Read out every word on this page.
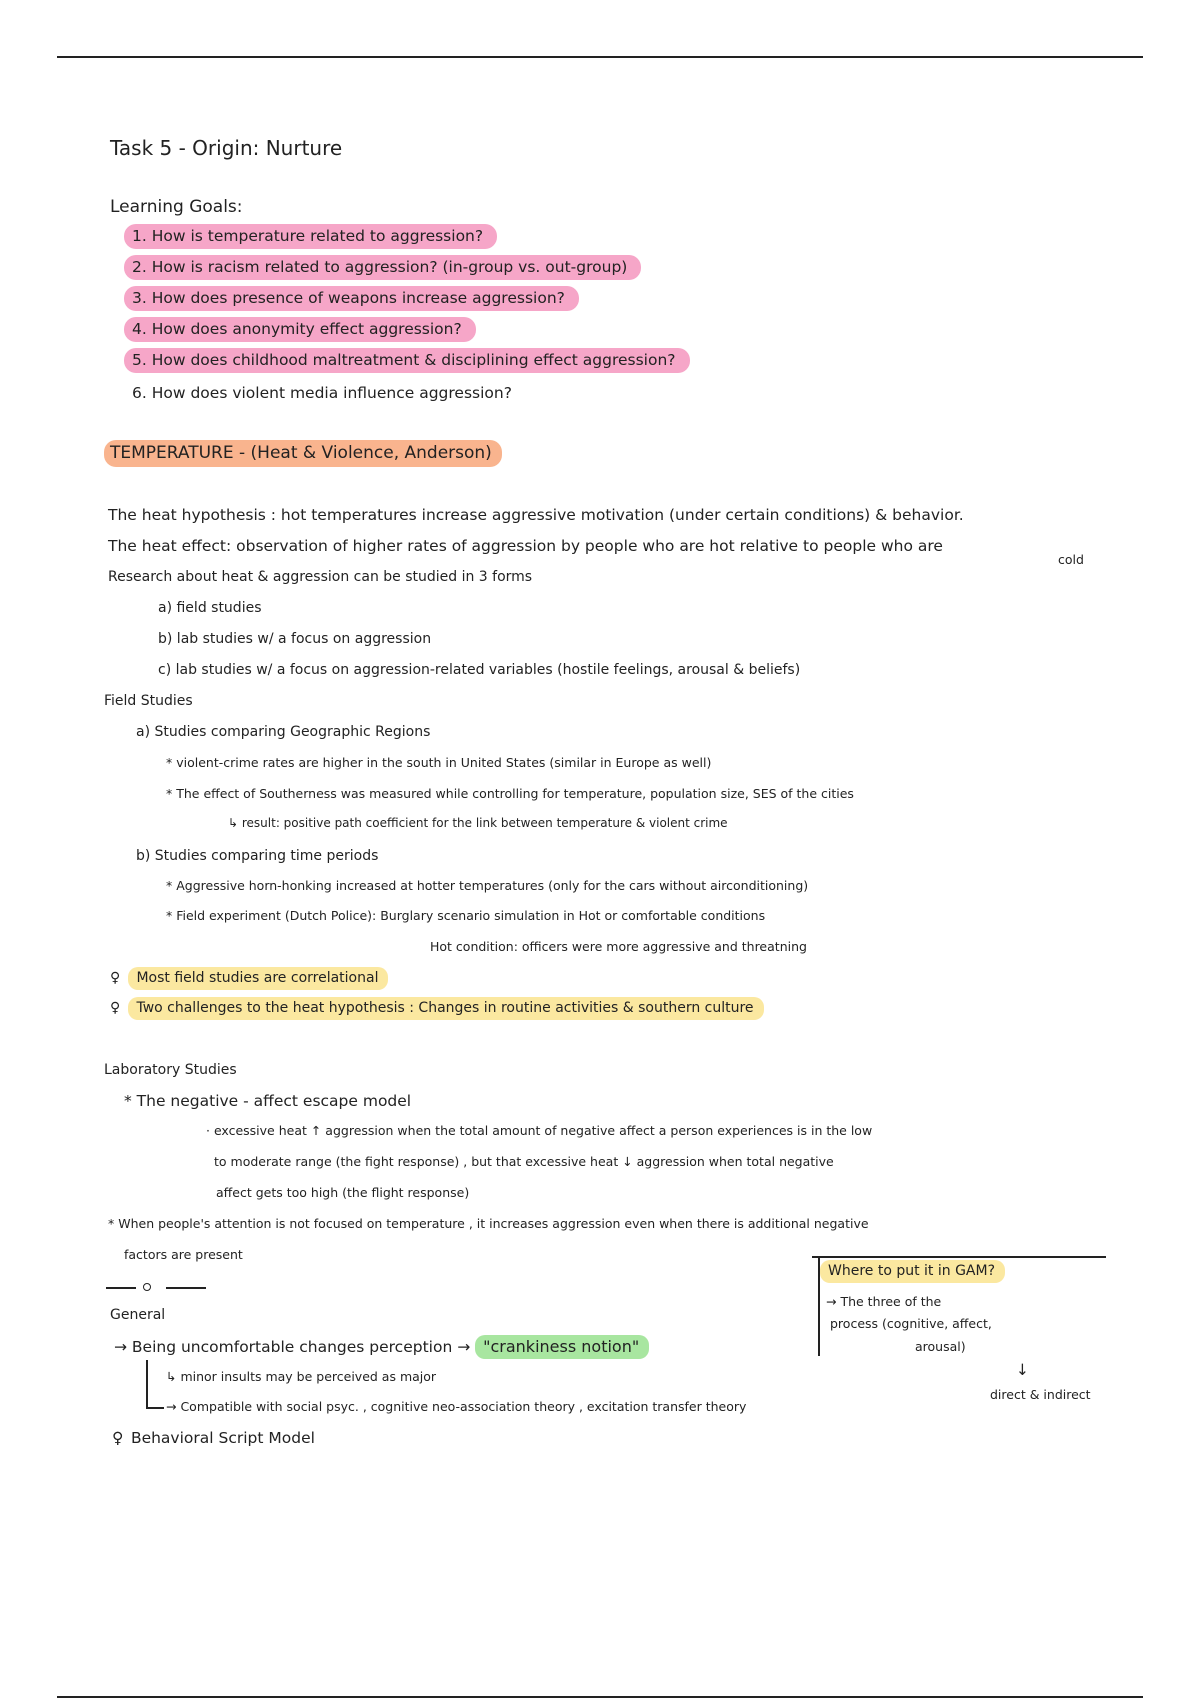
Task 5 - Origin: Nurture
Learning Goals:
1. How is temperature related to aggression?
2. How is racism related to aggression? (in-group vs. out-group)
3. How does presence of weapons increase aggression?
4. How does anonymity effect aggression?
5. How does childhood maltreatment & disciplining effect aggression?
6. How does violent media influence aggression?
TEMPERATURE - (Heat & Violence, Anderson)
The heat hypothesis : hot temperatures increase aggressive motivation (under certain conditions) & behavior.
The heat effect: observation of higher rates of aggression by people who are hot relative to people who are
cold
Research about heat & aggression can be studied in 3 forms
a) field studies
b) lab studies w/ a focus on aggression
c) lab studies w/ a focus on aggression-related variables (hostile feelings, arousal & beliefs)
Field Studies
a) Studies comparing Geographic Regions
* violent-crime rates are higher in the south in United States (similar in Europe as well)
* The effect of Southerness was measured while controlling for temperature, population size, SES of the cities
↳ result: positive path coefficient for the link between temperature & violent crime
b) Studies comparing time periods
* Aggressive horn-honking increased at hotter temperatures (only for the cars without airconditioning)
* Field experiment (Dutch Police): Burglary scenario simulation in Hot or comfortable conditions
Hot condition: officers were more aggressive and threatning
♀ Most field studies are correlational
♀ Two challenges to the heat hypothesis : Changes in routine activities & southern culture
Laboratory Studies
* The negative - affect escape model
· excessive heat ↑ aggression when the total amount of negative affect a person experiences is in the low
to moderate range (the fight response) , but that excessive heat ↓ aggression when total negative
affect gets too high (the flight response)
* When people's attention is not focused on temperature , it increases aggression even when there is additional negative
factors are present
General
→ Being uncomfortable changes perception → "crankiness notion"
↳ minor insults may be perceived as major
→ Compatible with social psyc. , cognitive neo-association theory , excitation transfer theory
♀ Behavioral Script Model
Where to put it in GAM?
→ The three of the
process (cognitive, affect,
arousal)
↓
direct & indirect
